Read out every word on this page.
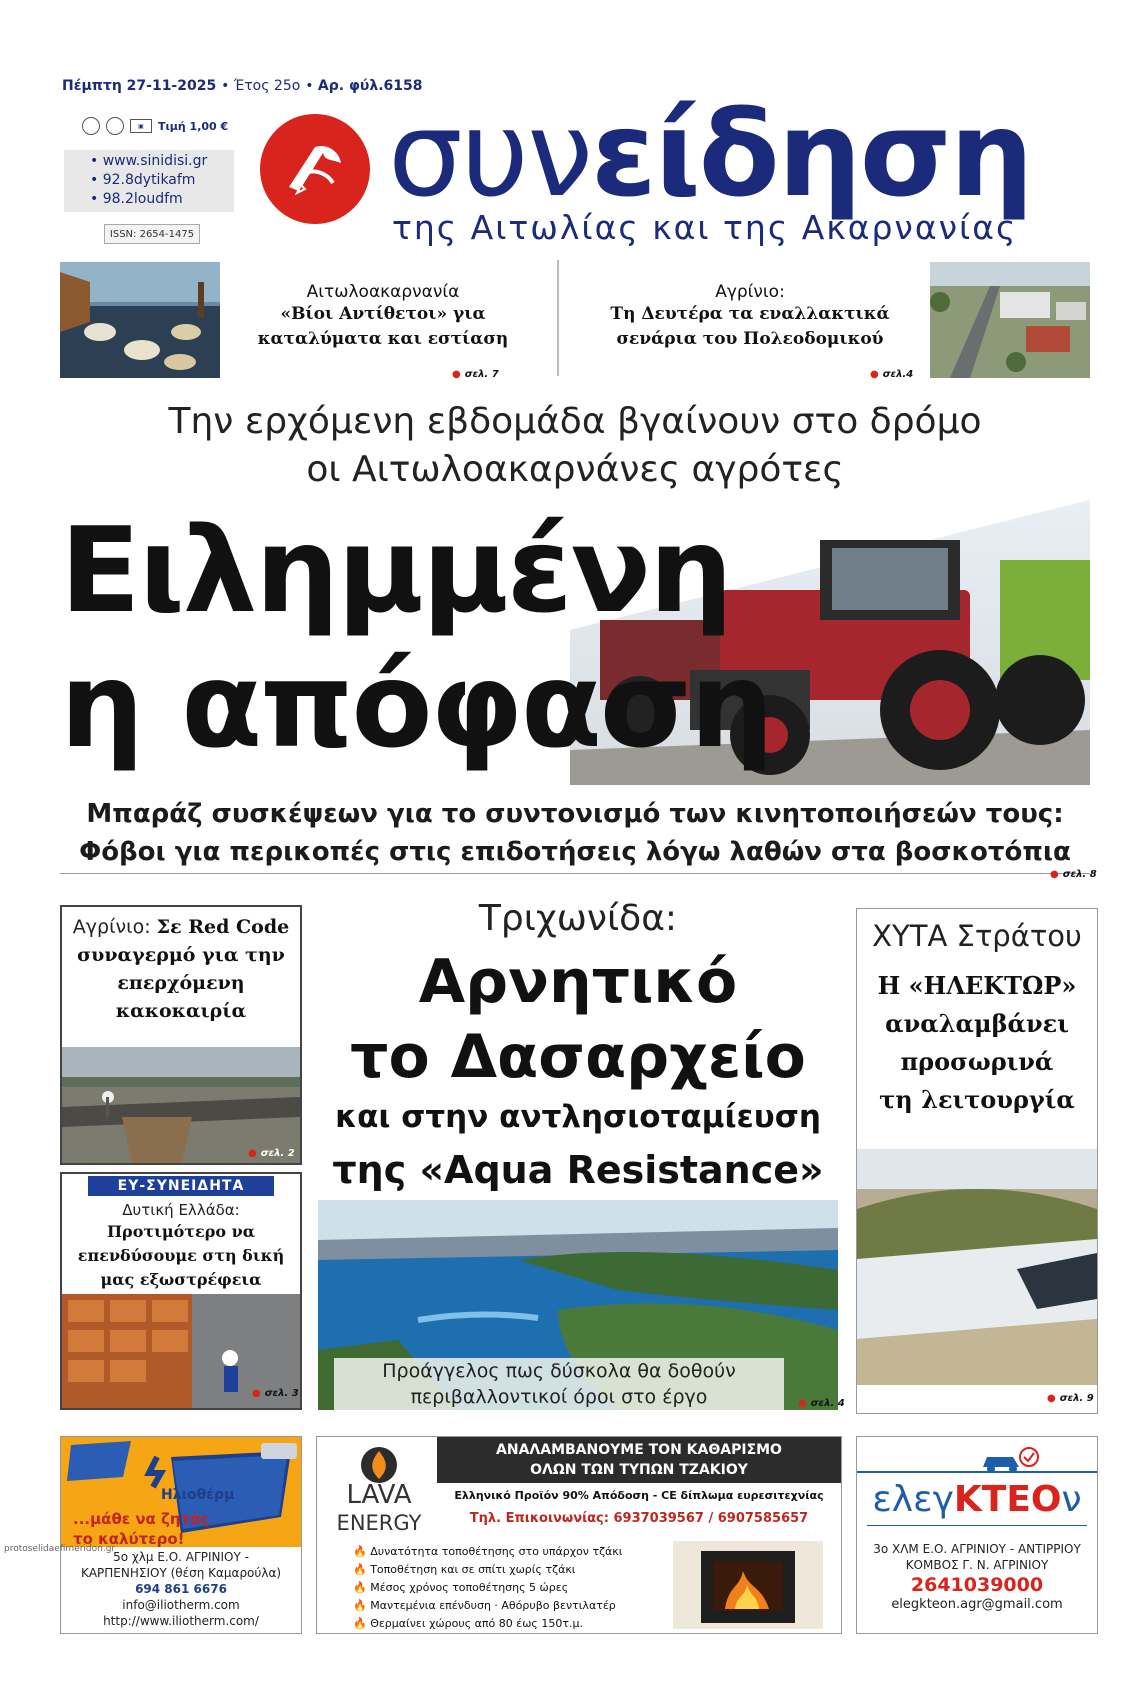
Πέμπτη 27-11-2025 • Έτος 25ο • Αρ. φύλ.6158
▣	Τιμή 1,00 €
• www.sinidisi.gr
• 92.8dytikafm
• 98.2loudfm
ISSN: 2654-1475
συνείδηση
της Αιτωλίας και της Ακαρνανίας
Αιτωλοακαρνανία
«Βίοι Αντίθετοι» για καταλύματα και εστίαση
● σελ. 7
Αγρίνιο:
Τη Δευτέρα τα εναλλακτικά σενάρια του Πολεοδομικού
● σελ.4
Την ερχόμενη εβδομάδα βγαίνουν στο δρόμο
οι Αιτωλοακαρνάνες αγρότες
Ειλημμένη
η απόφαση
Μπαράζ συσκέψεων για το συντονισμό των κινητοποιήσεών τους:
Φόβοι για περικοπές στις επιδοτήσεις λόγω λαθών στα βοσκοτόπια
● σελ. 8
Αγρίνιο: Σε Red Code
συναγερμό για την επερχόμενη κακοκαιρία
● σελ. 2
ΕΥ-ΣΥΝΕΙΔΗΤΑ
Δυτική Ελλάδα:
Προτιμότερο να επενδύσουμε στη δική μας εξωστρέφεια
● σελ. 3
Τριχωνίδα:
Αρνητικό
το Δασαρχείο
και στην αντλησιοταμίευση
της «Aqua Resistance»
Προάγγελος πως δύσκολα θα δοθούν
περιβαλλοντικοί όροι στο έργο	● σελ. 4
ΧΥΤΑ Στράτου
Η «ΗΛΕΚΤΩΡ»
αναλαμβάνει
προσωρινά
τη λειτουργία
● σελ. 9
Ηλιοθέρμ
...μάθε να ζητάς
το καλύτερο!
5ο χλμ Ε.Ο. ΑΓΡΙΝΙΟΥ -
ΚΑΡΠΕΝΗΣΙΟΥ (θέση Καμαρούλα)
694 861 6676
info@iliotherm.com
http://www.iliotherm.com/
LAVA
ENERGY
ΑΝΑΛΑΜΒΑΝΟΥΜΕ ΤΟΝ ΚΑΘΑΡΙΣΜΟ
ΟΛΩΝ ΤΩΝ ΤΥΠΩΝ ΤΖΑΚΙΟΥ
Ελληνικό Προϊόν 90% Απόδοση - CE δίπλωμα ευρεσιτεχνίας
Τηλ. Επικοινωνίας: 6937039567 / 6907585657
🔥 Δυνατότητα τοποθέτησης στο υπάρχον τζάκι
🔥 Τοποθέτηση και σε σπίτι χωρίς τζάκι
🔥 Μέσος χρόνος τοποθέτησης 5 ώρες
🔥 Μαντεμένια επένδυση · Αθόρυβο βεντιλατέρ
🔥 Θερμαίνει χώρους από 80 έως 150τ.μ.
ελεγΚΤΕΟν
3ο ΧΛΜ Ε.Ο. ΑΓΡΙΝΙΟΥ - ΑΝΤΙΡΡΙΟΥ
ΚΟΜΒΟΣ Γ. Ν. ΑΓΡΙΝΙΟΥ
2641039000
elegkteon.agr@gmail.com
protoselidaefimeridon.gr
